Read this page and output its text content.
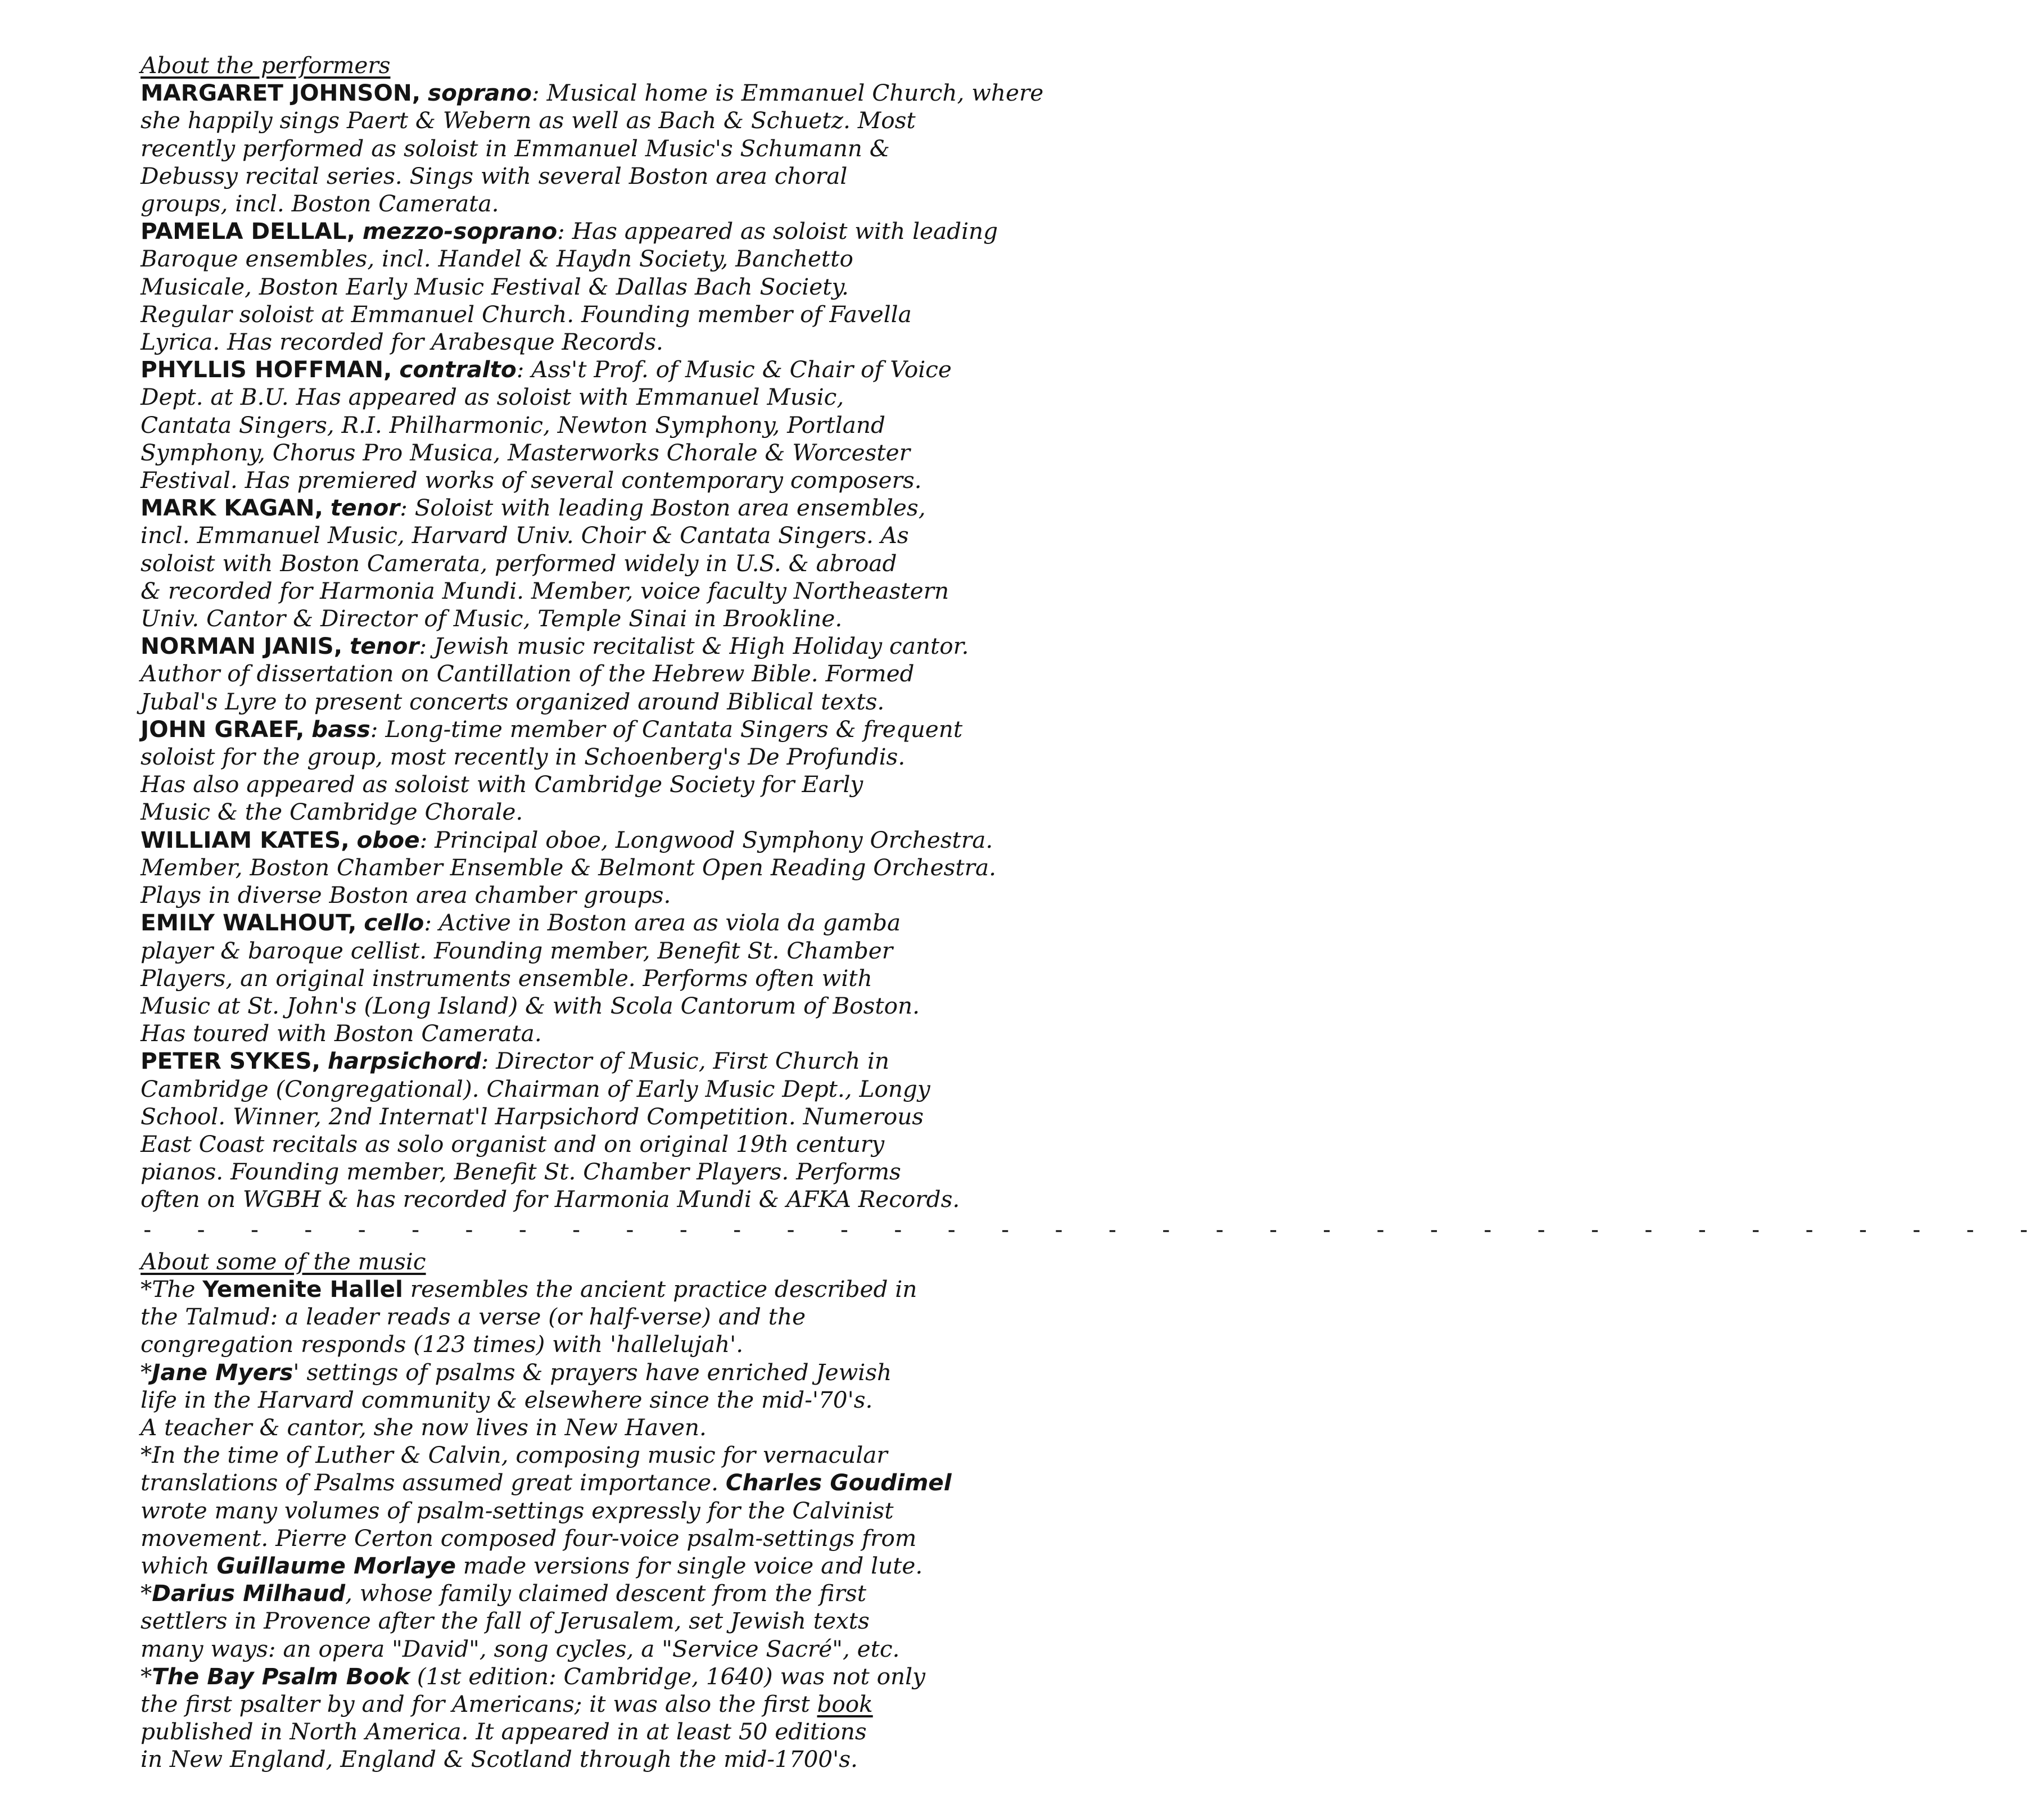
About the performers
MARGARET JOHNSON, soprano: Musical home is Emmanuel Church, where
she happily sings Paert & Webern as well as Bach & Schuetz. Most
recently performed as soloist in Emmanuel Music's Schumann &
Debussy recital series. Sings with several Boston area choral
groups, incl. Boston Camerata.
PAMELA DELLAL, mezzo-soprano: Has appeared as soloist with leading
Baroque ensembles, incl. Handel & Haydn Society, Banchetto
Musicale, Boston Early Music Festival & Dallas Bach Society.
Regular soloist at Emmanuel Church. Founding member of Favella
Lyrica. Has recorded for Arabesque Records.
PHYLLIS HOFFMAN, contralto: Ass't Prof. of Music & Chair of Voice
Dept. at B.U. Has appeared as soloist with Emmanuel Music,
Cantata Singers, R.I. Philharmonic, Newton Symphony, Portland
Symphony, Chorus Pro Musica, Masterworks Chorale & Worcester
Festival. Has premiered works of several contemporary composers.
MARK KAGAN, tenor: Soloist with leading Boston area ensembles,
incl. Emmanuel Music, Harvard Univ. Choir & Cantata Singers. As
soloist with Boston Camerata, performed widely in U.S. & abroad
& recorded for Harmonia Mundi. Member, voice faculty Northeastern
Univ. Cantor & Director of Music, Temple Sinai in Brookline.
NORMAN JANIS, tenor: Jewish music recitalist & High Holiday cantor.
Author of dissertation on Cantillation of the Hebrew Bible. Formed
Jubal's Lyre to present concerts organized around Biblical texts.
JOHN GRAEF, bass: Long-time member of Cantata Singers & frequent
soloist for the group, most recently in Schoenberg's De Profundis.
Has also appeared as soloist with Cambridge Society for Early
Music & the Cambridge Chorale.
WILLIAM KATES, oboe: Principal oboe, Longwood Symphony Orchestra.
Member, Boston Chamber Ensemble & Belmont Open Reading Orchestra.
Plays in diverse Boston area chamber groups.
EMILY WALHOUT, cello: Active in Boston area as viola da gamba
player & baroque cellist. Founding member, Benefit St. Chamber
Players, an original instruments ensemble. Performs often with
Music at St. John's (Long Island) & with Scola Cantorum of Boston.
Has toured with Boston Camerata.
PETER SYKES, harpsichord: Director of Music, First Church in
Cambridge (Congregational). Chairman of Early Music Dept., Longy
School. Winner, 2nd Internat'l Harpsichord Competition. Numerous
East Coast recitals as solo organist and on original 19th century
pianos. Founding member, Benefit St. Chamber Players. Performs
often on WGBH & has recorded for Harmonia Mundi & AFKA Records.
- - - - - - - - - - - - - - - - - - - - - - - - - - - - - - - - - - - -
About some of the music
*The Yemenite Hallel resembles the ancient practice described in
the Talmud: a leader reads a verse (or half-verse) and the
congregation responds (123 times) with 'hallelujah'.
*Jane Myers' settings of psalms & prayers have enriched Jewish
life in the Harvard community & elsewhere since the mid-'70's.
A teacher & cantor, she now lives in New Haven.
*In the time of Luther & Calvin, composing music for vernacular
translations of Psalms assumed great importance. Charles Goudimel
wrote many volumes of psalm-settings expressly for the Calvinist
movement. Pierre Certon composed four-voice psalm-settings from
which Guillaume Morlaye made versions for single voice and lute.
*Darius Milhaud, whose family claimed descent from the first
settlers in Provence after the fall of Jerusalem, set Jewish texts
many ways: an opera "David", song cycles, a "Service Sacré", etc.
*The Bay Psalm Book (1st edition: Cambridge, 1640) was not only
the first psalter by and for Americans; it was also the first book
published in North America. It appeared in at least 50 editions
in New England, England & Scotland through the mid-1700's.
